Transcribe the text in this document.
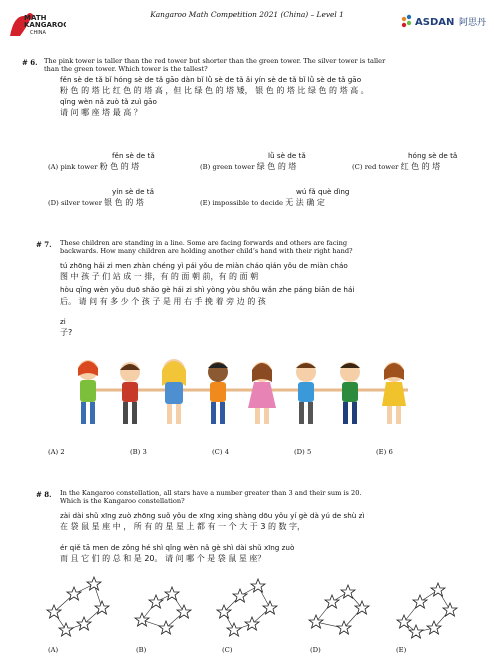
MATH
KANGAROO
CHINA
Kangaroo Math Competition 2021 (China) – Level 1
ASDAN 阿思丹
# 6. The pink tower is taller than the red tower but shorter than the green tower. The silver tower is taller
than the green tower. Which tower is the tallest?
fěn sè de tǎ bǐ hóng sè de tǎ gāo dàn bǐ lǜ sè de tǎ ǎi yín sè de tǎ bǐ lǜ sè de tǎ gāo
粉 色 的 塔 比 红 色 的 塔 高 ，但 比 绿 色 的 塔 矮， 银 色 的 塔 比 绿 色 的 塔 高 。
qǐng wèn nǎ zuò tǎ zuì gāo
请 问 哪 座 塔 最 高 ？
fěn sè de tǎ
(A) pink tower 粉 色 的 塔
lǜ sè de tǎ
(B) green tower 绿 色 的 塔
hóng sè de tǎ
(C) red tower 红 色 的 塔
yín sè de tǎ
(D) silver tower 银 色 的 塔
wú fǎ què dìng
(E) impossible to decide 无 法 确 定
# 7. These children are standing in a line. Some are facing forwards and others are facing
backwards. How many children are holding another child’s hand with their right hand?
tú zhōng hái zi men zhàn chéng yì pái yǒu de miàn cháo qián yǒu de miàn cháo
图 中 孩 子 们 站 成 一 排，有 的 面 朝 前，有 的 面 朝
hòu qǐng wèn yǒu duō shǎo gè hái zi shì yòng yòu shǒu wǎn zhe páng biān de hái
后。 请 问 有 多 少 个 孩 子 是 用 右 手 挽 着 旁 边 的 孩
zi
子?
(A) 2	(B) 3	(C) 4	(D) 5	(E) 6
# 8. In the Kangaroo constellation, all stars have a number greater than 3 and their sum is 20.
Which is the Kangaroo constellation?
zài dài shǔ xīng zuò zhōng suǒ yǒu de xīng xing shàng dōu yǒu yí gè dà yú de shù zì
在 袋 鼠 星 座 中 ， 所 有 的 星 星 上 都 有 一 个 大 于 3 的 数 字，
ér qiě tā men de zǒng hé shì qǐng wèn nǎ gè shì dài shǔ xīng zuò
而 且 它 们 的 总 和 是 20。 请 问 哪 个 是 袋 鼠 星 座？
(A)	(B)	(C)	(D)	(E)
